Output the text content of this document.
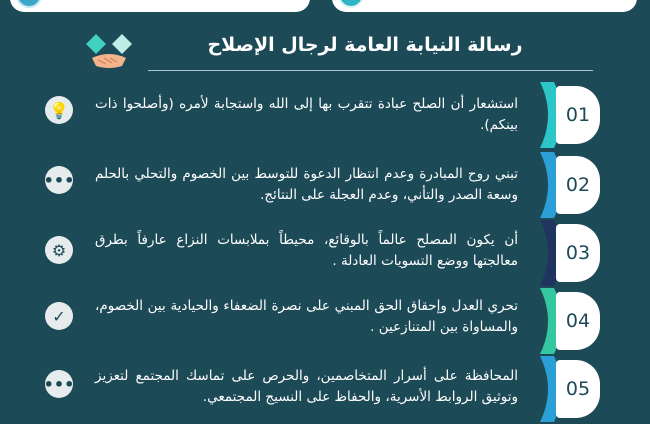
رسالة النيابة العامة لرجال الإصلاح
💡	01
استشعار أن الصلح عبادة تتقرب بها إلى الله واستجابة لأمره (وأصلحوا ذات بينكم).
•••	02
تبني روح المبادرة وعدم انتظار الدعوة للتوسط بين الخصوم والتحلي بالحلم وسعة الصدر والتأني، وعدم العجلة على النتائج.
⚙	03
أن يكون المصلح عالماً بالوقائع، محيطاً بملابسات النزاع عارفاً بطرق معالجتها ووضع التسويات العادلة .
✓	04
تحري العدل وإحقاق الحق المبني على نصرة الضعفاء والحيادية بين الخصوم، والمساواة بين المتنازعين .
•••	05
المحافظة على أسرار المتخاصمين، والحرص على تماسك المجتمع لتعزيز وتوثيق الروابط الأسرية، والحفاظ على النسيج المجتمعي.
